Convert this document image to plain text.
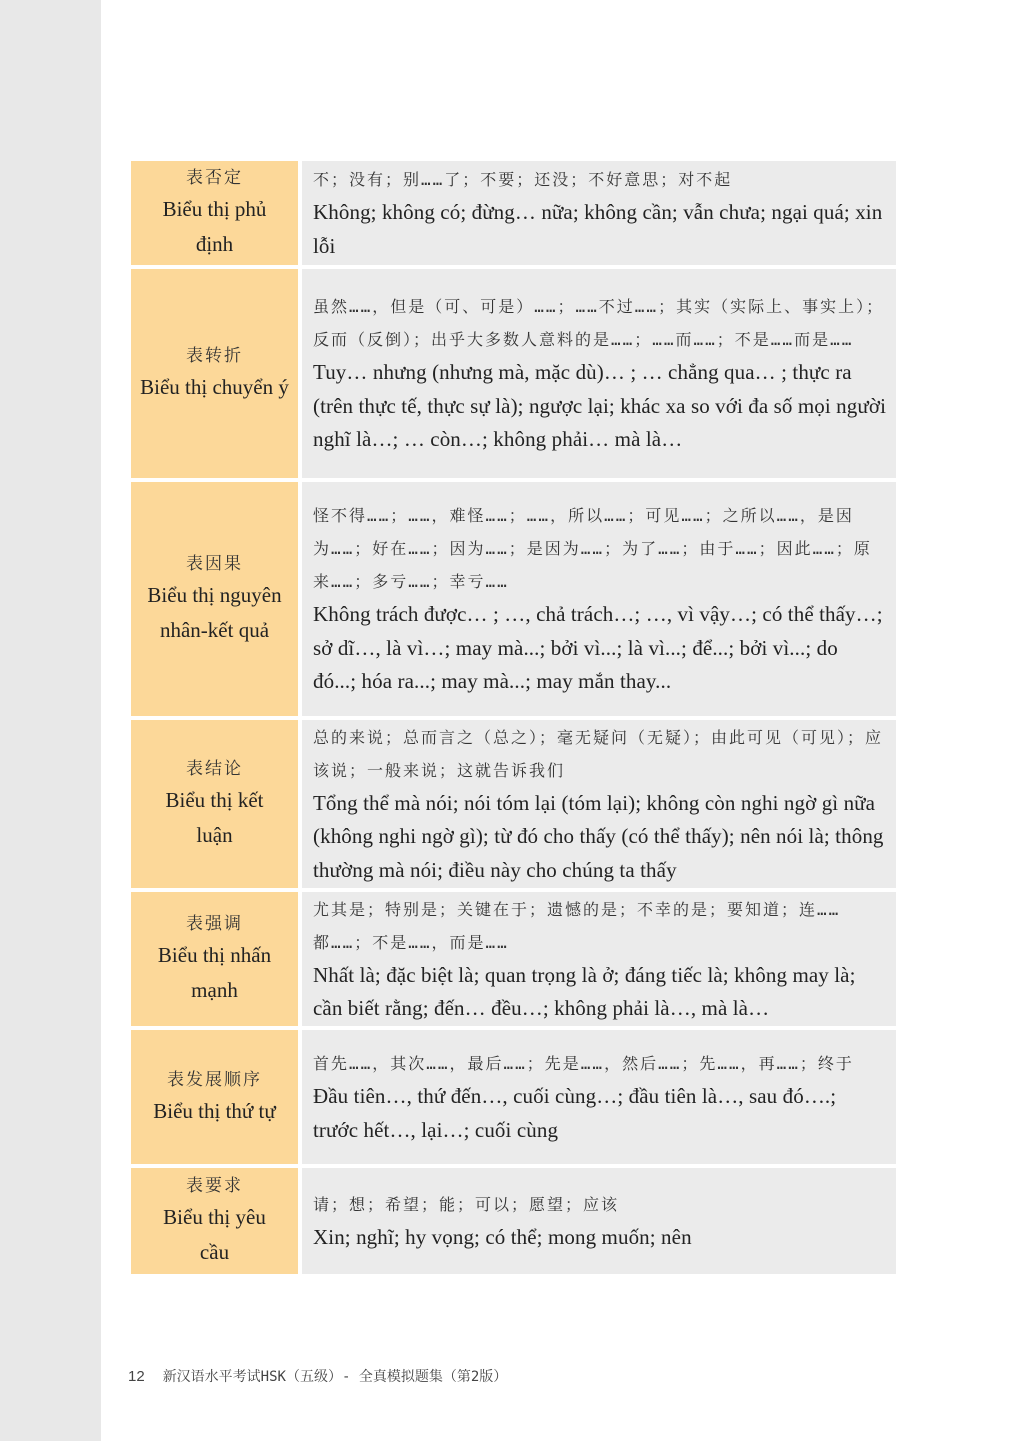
表否定
Biểu thị phủ định
不；没有；别……了；不要；还没；不好意思；对不起
Không; không có; đừng… nữa; không cần; vẫn chưa; ngại quá; xin lỗi
表转折
Biểu thị chuyển ý
虽然……，但是（可、可是）……；……不过……；其实（实际上、事实上）；反而（反倒）；出乎大多数人意料的是……；……而……；不是……而是……
Tuy… nhưng (nhưng mà, mặc dù)… ; … chẳng qua… ; thực ra (trên thực tế, thực sự là); ngược lại; khác xa so với đa số mọi người nghĩ là…; … còn…; không phải… mà là…
表因果
Biểu thị nguyên nhân-kết quả
怪不得……；……，难怪……；……，所以……；可见……；之所以……，是因为……；好在……；因为……；是因为……；为了……；由于……；因此……；原来……；多亏……；幸亏……
Không trách được… ; …, chả trách…; …, vì vậy…; có thể thấy…; sở dĩ…, là vì…; may mà...; bởi vì...; là vì...; để...; bởi vì...; do đó...; hóa ra...; may mà...; may mắn thay...
表结论
Biểu thị kết luận
总的来说；总而言之（总之）；毫无疑问（无疑）；由此可见（可见）；应该说；一般来说；这就告诉我们
Tổng thể mà nói; nói tóm lại (tóm lại); không còn nghi ngờ gì nữa (không nghi ngờ gì); từ đó cho thấy (có thể thấy); nên nói là; thông thường mà nói; điều này cho chúng ta thấy
表强调
Biểu thị nhấn mạnh
尤其是；特别是；关键在于；遗憾的是；不幸的是；要知道；连……都……；不是……，而是……
Nhất là; đặc biệt là; quan trọng là ở; đáng tiếc là; không may là; cần biết rằng; đến… đều…; không phải là…, mà là…
表发展顺序
Biểu thị thứ tự
首先……，其次……，最后……；先是……，然后……；先……，再……；终于
Đầu tiên…, thứ đến…, cuối cùng…; đầu tiên là…, sau đó….; trước hết…, lại…; cuối cùng
表要求
Biểu thị yêu cầu
请；想；希望；能；可以；愿望；应该
Xin; nghĩ; hy vọng; có thể; mong muốn; nên
12 新汉语水平考试HSK（五级）- 全真模拟题集（第2版）
